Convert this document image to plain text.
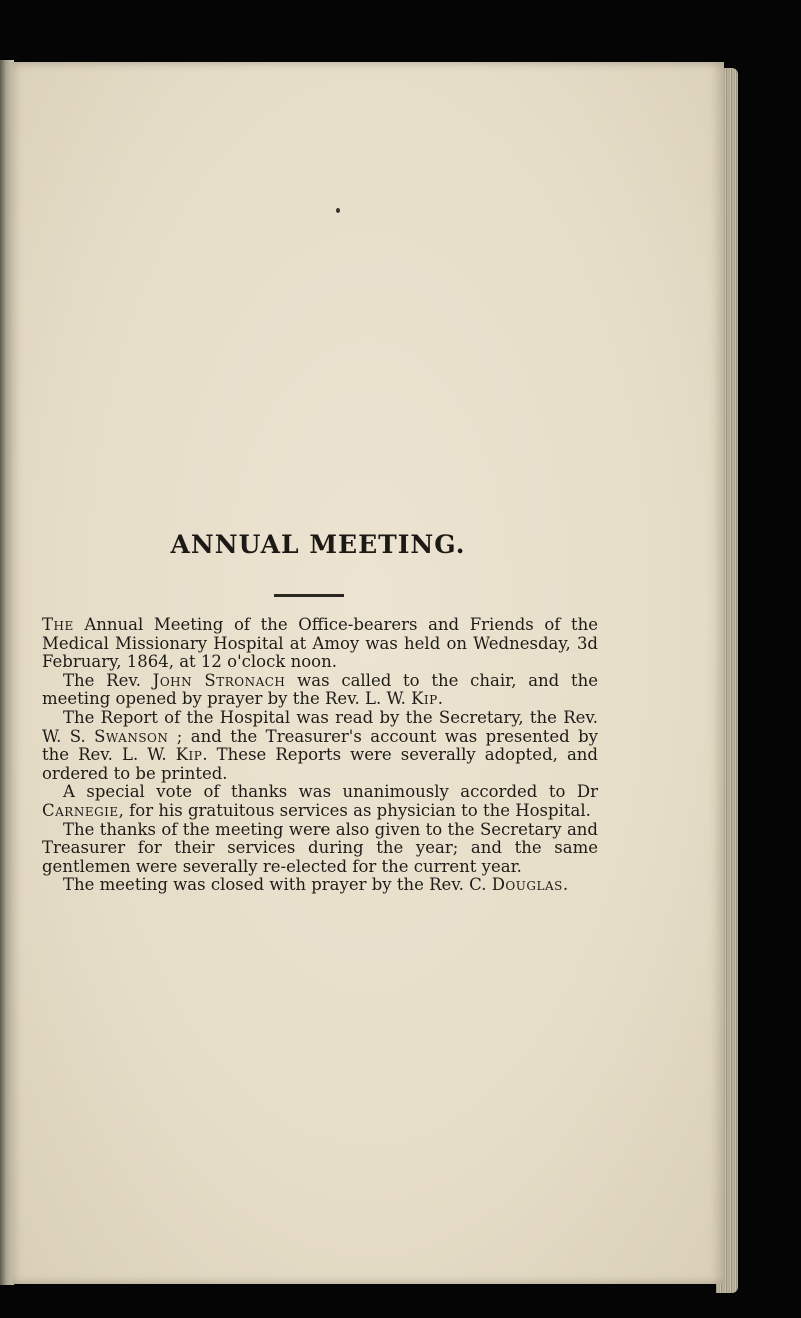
ANNUAL MEETING.

The Annual Meeting of the Office-bearers and Friends of the Medical Missionary Hospital at Amoy was held on Wednesday, 3d February, 1864, at 12 o'clock noon.

The Rev. John Stronach was called to the chair, and the meeting opened by prayer by the Rev. L. W. Kip.

The Report of the Hospital was read by the Secretary, the Rev. W. S. Swanson ; and the Treasurer's account was presented by the Rev. L. W. Kip. These Reports were severally adopted, and ordered to be printed.

A special vote of thanks was unanimously accorded to Dr Carnegie, for his gratuitous services as physician to the Hospital.

The thanks of the meeting were also given to the Secretary and Treasurer for their services during the year; and the same gentlemen were severally re-elected for the current year.

The meeting was closed with prayer by the Rev. C. Douglas.
